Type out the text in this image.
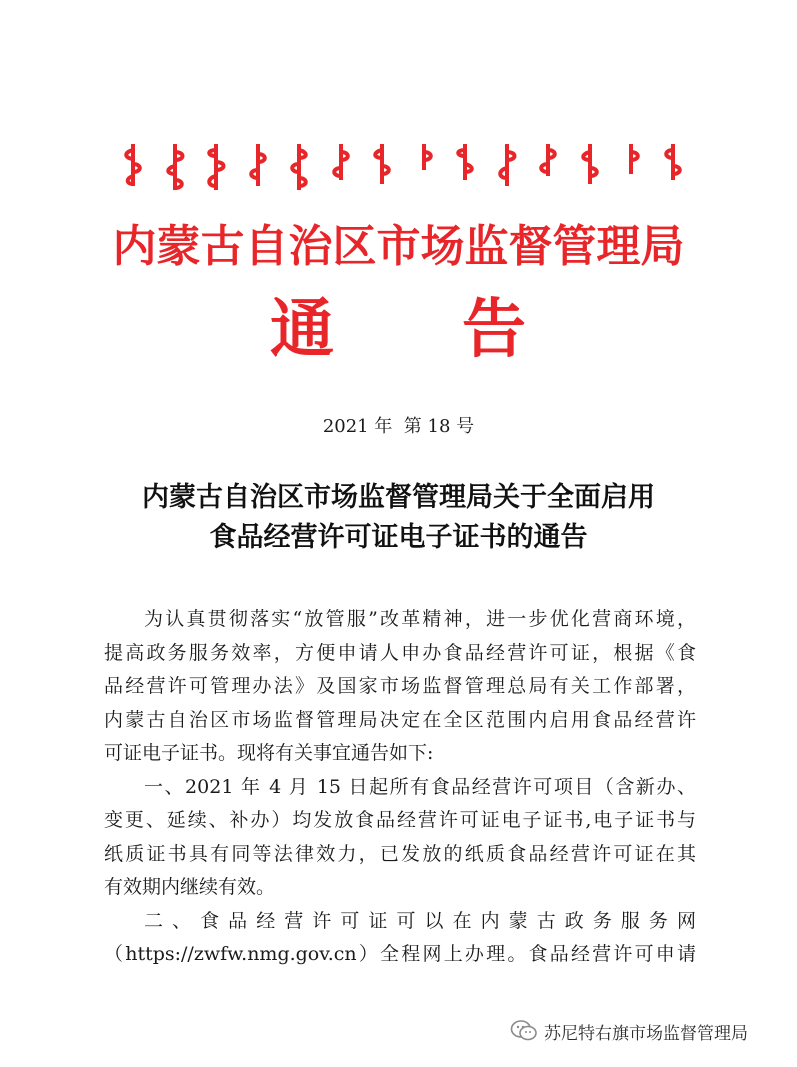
内蒙古自治区市场监督管理局
通 告
2021 年  第 18 号
内蒙古自治区市场监督管理局关于全面启用
食品经营许可证电子证书的通告
为认真贯彻落实“放管服”改革精神，进一步优化营商环境，
提高政务服务效率，方便申请人申办食品经营许可证，根据《食
品经营许可管理办法》及国家市场监督管理总局有关工作部署，
内蒙古自治区市场监督管理局决定在全区范围内启用食品经营许
可证电子证书。现将有关事宜通告如下:
一、2021 年 4 月 15 日起所有食品经营许可项目（含新办、
变更、延续、补办）均发放食品经营许可证电子证书,电子证书与
纸质证书具有同等法律效力，已发放的纸质食品经营许可证在其
有效期内继续有效。
二、食品经营许可证可以在内蒙古政务服务网
（https://zwfw.nmg.gov.cn）全程网上办理。食品经营许可申请
苏尼特右旗市场监督管理局
